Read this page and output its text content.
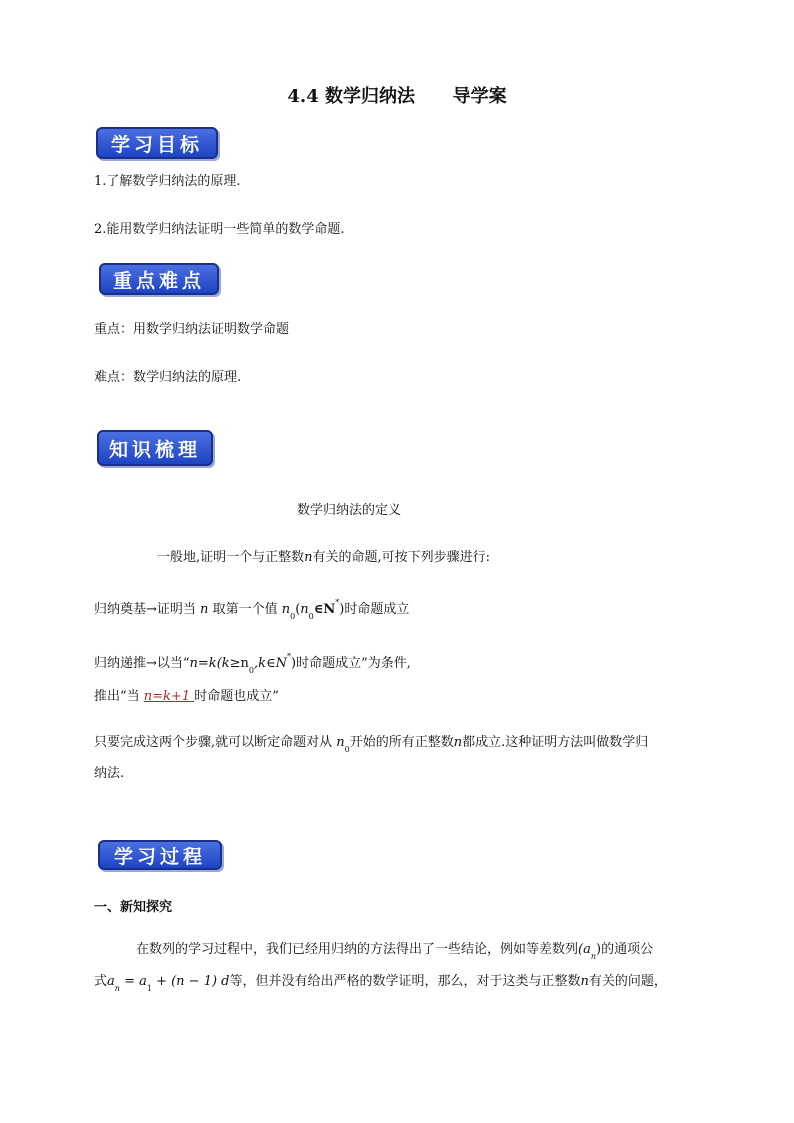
4.4 数学归纳法      导学案
学习目标
1.了解数学归纳法的原理.
2.能用数学归纳法证明一些简单的数学命题.
重点难点
重点：用数学归纳法证明数学命题
难点：数学归纳法的原理.
知识梳理
数学归纳法的定义
一般地,证明一个与正整数n有关的命题,可按下列步骤进行:
归纳奠基→证明当 n 取第一个值 $n_0(n_0\in N^*)$时命题成立
归纳递推→以当“$n=k(k\ge n_0,k\in N^*)$时命题成立”为条件,
推出“当 n=k+1 时命题也成立”
只要完成这两个步骤,就可以断定命题对从 $n_0$开始的所有正整数n都成立.这种证明方法叫做数学归
纳法.
学习过程
一、新知探究
在数列的学习过程中，我们已经用归纳的方法得出了一些结论，例如等差数列$(a_n)$的通项公
式$a_n = a_1 + (n - 1)$ d等，但并没有给出严格的数学证明，那么，对于这类与正整数n有关的问题，
